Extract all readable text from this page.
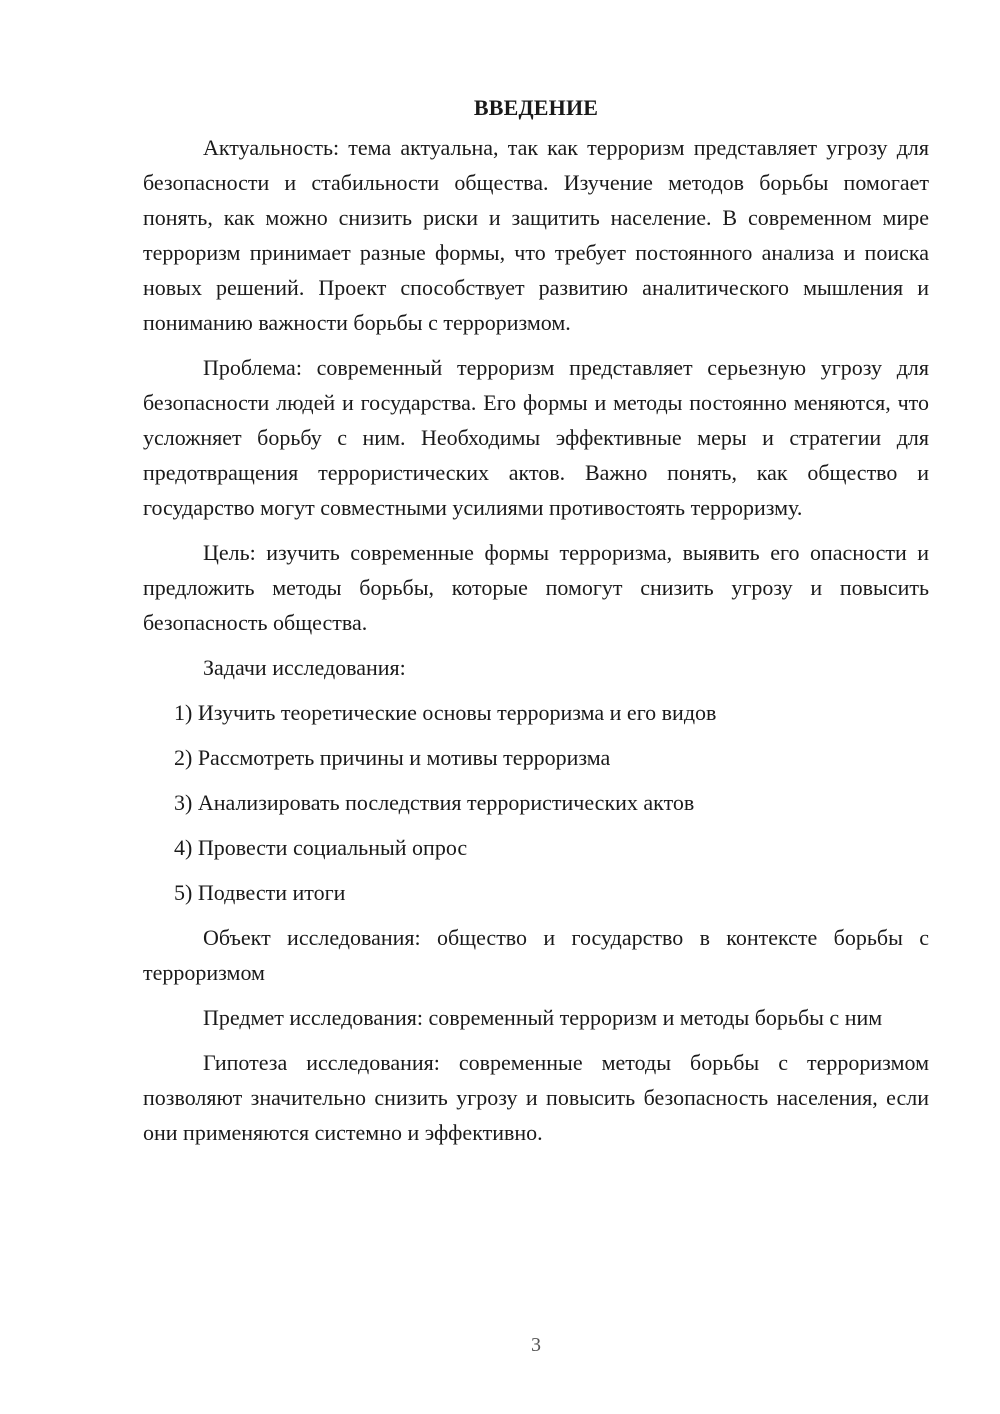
ВВЕДЕНИЕ

Актуальность: тема актуальна, так как терроризм представляет угрозу для безопасности и стабильности общества. Изучение методов борьбы помогает понять, как можно снизить риски и защитить население. В современном мире терроризм принимает разные формы, что требует постоянного анализа и поиска новых решений. Проект способствует развитию аналитического мышления и пониманию важности борьбы с терроризмом.

Проблема: современный терроризм представляет серьезную угрозу для безопасности людей и государства. Его формы и методы постоянно меняются, что усложняет борьбу с ним. Необходимы эффективные меры и стратегии для предотвращения террористических актов. Важно понять, как общество и государство могут совместными усилиями противостоять терроризму.

Цель: изучить современные формы терроризма, выявить его опасности и предложить методы борьбы, которые помогут снизить угрозу и повысить безопасность общества.

Задачи исследования:
1) Изучить теоретические основы терроризма и его видов
2) Рассмотреть причины и мотивы терроризма
3) Анализировать последствия террористических актов
4) Провести социальный опрос
5) Подвести итоги

Объект исследования: общество и государство в контексте борьбы с терроризмом

Предмет исследования: современный терроризм и методы борьбы с ним

Гипотеза исследования: современные методы борьбы с терроризмом позволяют значительно снизить угрозу и повысить безопасность населения, если они применяются системно и эффективно.

3
